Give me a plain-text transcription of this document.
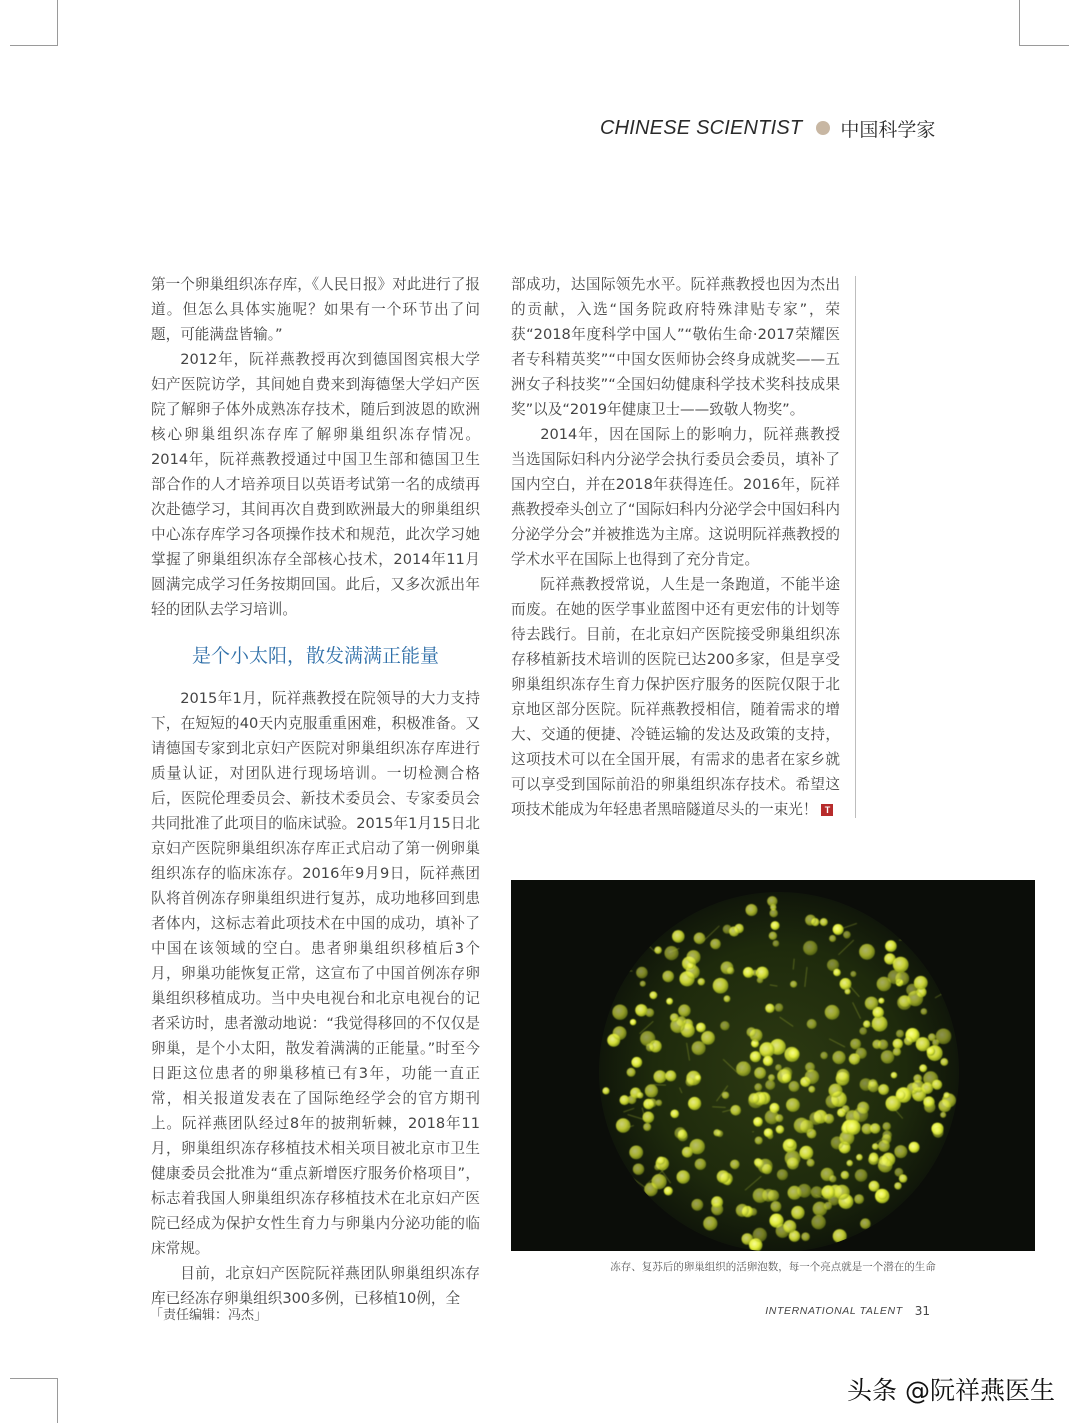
CHINESE SCIENTIST 中国科学家

第一个卵巢组织冻存库，《人民日报》对此进行了报道。但怎么具体实施呢？如果有一个环节出了问题，可能满盘皆输。”

2012年，阮祥燕教授再次到德国图宾根大学妇产医院访学，其间她自费来到海德堡大学妇产医院了解卵子体外成熟冻存技术，随后到波恩的欧洲核心卵巢组织冻存库了解卵巢组织冻存情况。2014年，阮祥燕教授通过中国卫生部和德国卫生部合作的人才培养项目以英语考试第一名的成绩再次赴德学习，其间再次自费到欧洲最大的卵巢组织中心冻存库学习各项操作技术和规范，此次学习她掌握了卵巢组织冻存全部核心技术，2014年11月圆满完成学习任务按期回国。此后，又多次派出年轻的团队去学习培训。

是个小太阳，散发满满正能量

2015年1月，阮祥燕教授在院领导的大力支持下，在短短的40天内克服重重困难，积极准备。又请德国专家到北京妇产医院对卵巢组织冻存库进行质量认证，对团队进行现场培训。一切检测合格后，医院伦理委员会、新技术委员会、专家委员会共同批准了此项目的临床试验。2015年1月15日北京妇产医院卵巢组织冻存库正式启动了第一例卵巢组织冻存的临床冻存。2016年9月9日，阮祥燕团队将首例冻存卵巢组织进行复苏，成功地移回到患者体内，这标志着此项技术在中国的成功，填补了中国在该领域的空白。患者卵巢组织移植后3个月，卵巢功能恢复正常，这宣布了中国首例冻存卵巢组织移植成功。当中央电视台和北京电视台的记者采访时，患者激动地说：“我觉得移回的不仅仅是卵巢，是个小太阳，散发着满满的正能量。”时至今日距这位患者的卵巢移植已有3年，功能一直正常，相关报道发表在了国际绝经学会的官方期刊上。阮祥燕团队经过8年的披荆斩棘，2018年11月，卵巢组织冻存移植技术相关项目被北京市卫生健康委员会批准为“重点新增医疗服务价格项目”，标志着我国人卵巢组织冻存移植技术在北京妇产医院已经成为保护女性生育力与卵巢内分泌功能的临床常规。

目前，北京妇产医院阮祥燕团队卵巢组织冻存库已经冻存卵巢组织300多例，已移植10例，全

部成功，达国际领先水平。阮祥燕教授也因为杰出的贡献，入选“国务院政府特殊津贴专家”，荣获“2018年度科学中国人”“敬佑生命·2017荣耀医者专科精英奖”“中国女医师协会终身成就奖——五洲女子科技奖”“全国妇幼健康科学技术奖科技成果奖”以及“2019年健康卫士——致敬人物奖”。

2014年，因在国际上的影响力，阮祥燕教授当选国际妇科内分泌学会执行委员会委员，填补了国内空白，并在2018年获得连任。2016年，阮祥燕教授牵头创立了“国际妇科内分泌学会中国妇科内分泌学分会”并被推选为主席。这说明阮祥燕教授的学术水平在国际上也得到了充分肯定。

阮祥燕教授常说，人生是一条跑道，不能半途而废。在她的医学事业蓝图中还有更宏伟的计划等待去践行。目前，在北京妇产医院接受卵巢组织冻存移植新技术培训的医院已达200多家，但是享受卵巢组织冻存生育力保护医疗服务的医院仅限于北京地区部分医院。阮祥燕教授相信，随着需求的增大、交通的便捷、冷链运输的发达及政策的支持，这项技术可以在全国开展，有需求的患者在家乡就可以享受到国际前沿的卵巢组织冻存技术。希望这项技术能成为年轻患者黑暗隧道尽头的一束光！ T

冻存、复苏后的卵巢组织的活卵泡数，每一个亮点就是一个潜在的生命
「责任编辑：冯杰」	INTERNATIONAL TALENT 31
头条 @阮祥燕医生
